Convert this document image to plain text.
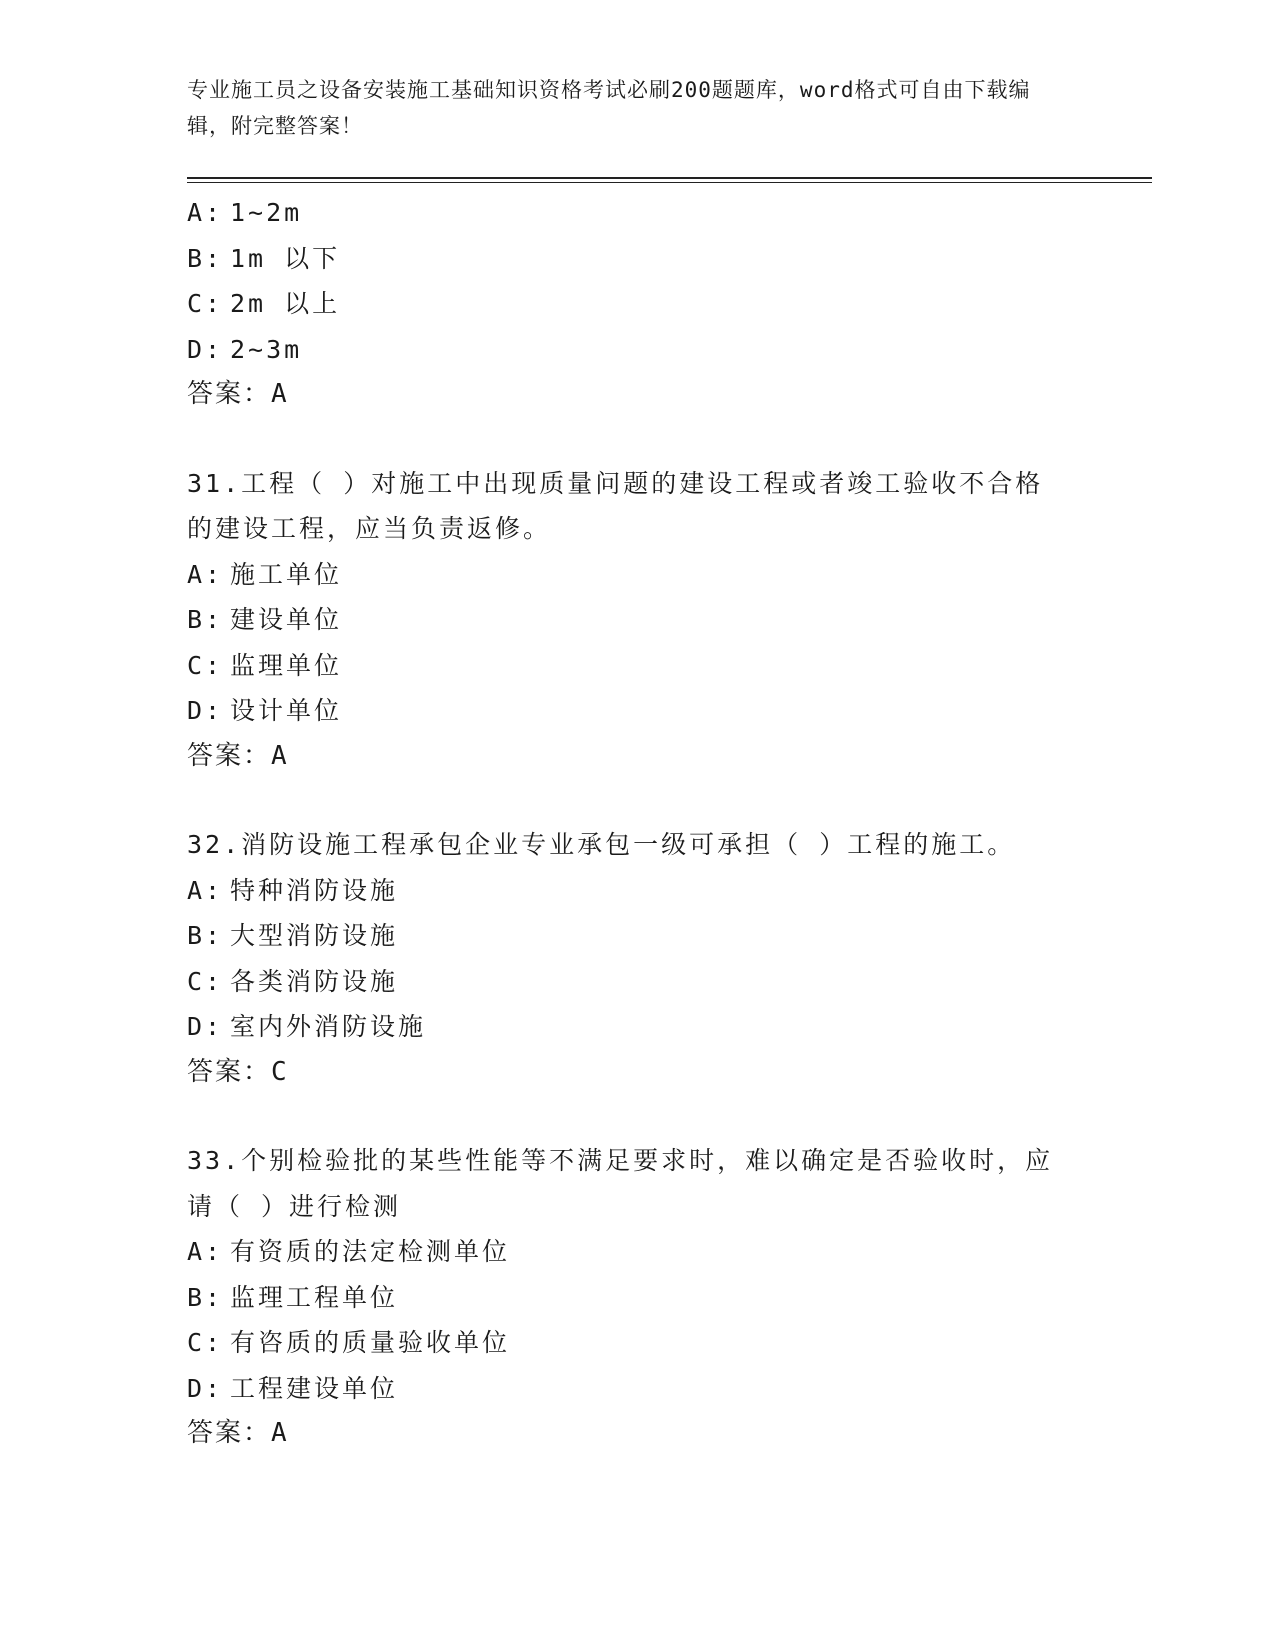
专业施工员之设备安装施工基础知识资格考试必刷200题题库，word格式可自由下载编辑，附完整答案！
A: 1~2m
B: 1m 以下
C: 2m 以上
D: 2~3m
答案：A
31.工程（ ）对施工中出现质量问题的建设工程或者竣工验收不合格的建设工程，应当负责返修。
A: 施工单位
B: 建设单位
C: 监理单位
D: 设计单位
答案：A
32.消防设施工程承包企业专业承包一级可承担（ ）工程的施工。
A: 特种消防设施
B: 大型消防设施
C: 各类消防设施
D: 室内外消防设施
答案：C
33.个别检验批的某些性能等不满足要求时，难以确定是否验收时，应请（ ）进行检测
A: 有资质的法定检测单位
B: 监理工程单位
C: 有咨质的质量验收单位
D: 工程建设单位
答案：A
